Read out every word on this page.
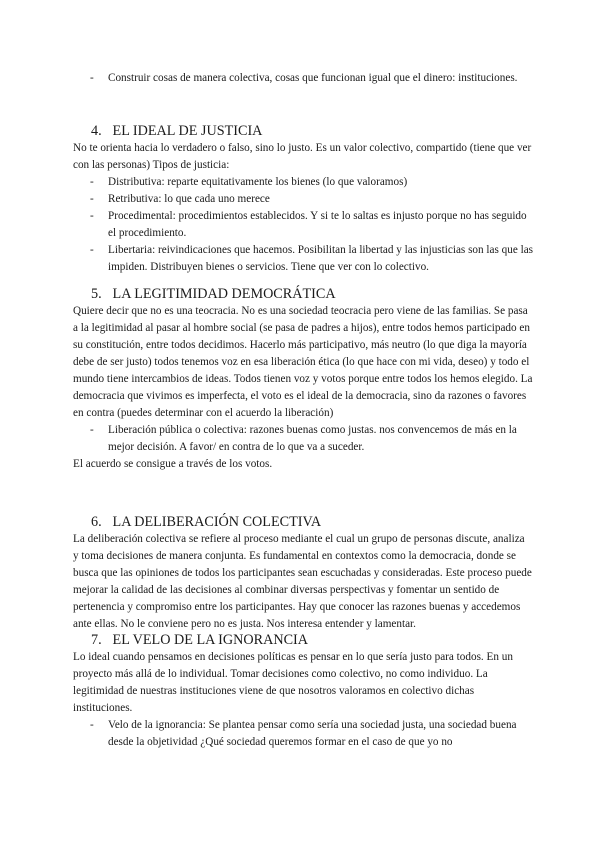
- Construir cosas de manera colectiva, cosas que funcionan igual que el dinero: instituciones.
4. EL IDEAL DE JUSTICIA

No te orienta hacia lo verdadero o falso, sino lo justo. Es un valor colectivo, compartido (tiene que ver con las personas) Tipos de justicia:

- Distributiva: reparte equitativamente los bienes (lo que valoramos)
- Retributiva: lo que cada uno merece
- Procedimental: procedimientos establecidos. Y si te lo saltas es injusto porque no has seguido el procedimiento.
- Libertaria: reivindicaciones que hacemos. Posibilitan la libertad y las injusticias son las que las impiden. Distribuyen bienes o servicios. Tiene que ver con lo colectivo.
5. LA LEGITIMIDAD DEMOCRÁTICA

Quiere decir que no es una teocracia. No es una sociedad teocracia pero viene de las familias. Se pasa a la legitimidad al pasar al hombre social (se pasa de padres a hijos), entre todos hemos participado en su constitución, entre todos decidimos. Hacerlo más participativo, más neutro (lo que diga la mayoría debe de ser justo) todos tenemos voz en esa liberación ética (lo que hace con mi vida, deseo) y todo el mundo tiene intercambios de ideas. Todos tienen voz y votos porque entre todos los hemos elegido. La democracia que vivimos es imperfecta, el voto es el ideal de la democracia, sino da razones o favores en contra (puedes determinar con el acuerdo la liberación)

- Liberación pública o colectiva: razones buenas como justas. nos convencemos de más en la mejor decisión. A favor/ en contra de lo que va a suceder.

El acuerdo se consigue a través de los votos.

6. LA DELIBERACIÓN COLECTIVA

La deliberación colectiva se refiere al proceso mediante el cual un grupo de personas discute, analiza y toma decisiones de manera conjunta. Es fundamental en contextos como la democracia, donde se busca que las opiniones de todos los participantes sean escuchadas y consideradas. Este proceso puede mejorar la calidad de las decisiones al combinar diversas perspectivas y fomentar un sentido de pertenencia y compromiso entre los participantes. Hay que conocer las razones buenas y accedemos ante ellas. No le conviene pero no es justa. Nos interesa entender y lamentar.

7. EL VELO DE LA IGNORANCIA

Lo ideal cuando pensamos en decisiones políticas es pensar en lo que sería justo para todos. En un proyecto más allá de lo individual. Tomar decisiones como colectivo, no como individuo. La legitimidad de nuestras instituciones viene de que nosotros valoramos en colectivo dichas instituciones.

- Velo de la ignorancia: Se plantea pensar como sería una sociedad justa, una sociedad buena desde la objetividad ¿Qué sociedad queremos formar en el caso de que yo no
